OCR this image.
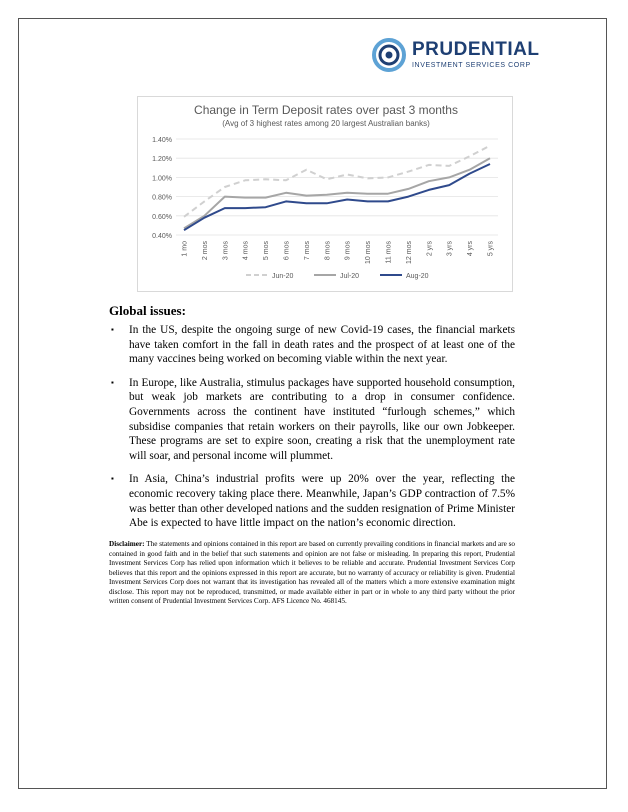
PRUDENTIAL
INVESTMENT SERVICES CORP
Change in Term Deposit rates over past 3 months
(Avg of 3 highest rates among 20 largest Australian banks)
0.40%
0.60%
0.80%
1.00%
1.20%
1.40%
1 mo 2 mos 3 mos 4 mos 5 mos 6 mos 7 mos 8 mos 9 mos 10 mos 11 mos 12 mos 2 yrs 3 yrs 4 yrs 5 yrs
Jun-20	Jul-20	Aug-20
Global issues:
▪ In the US, despite the ongoing surge of new Covid-19 cases, the financial markets have taken comfort in the fall in death rates and the prospect of at least one of the many vaccines being worked on becoming viable within the next year.
▪ In Europe, like Australia, stimulus packages have supported household consumption, but weak job markets are contributing to a drop in consumer confidence. Governments across the continent have instituted “furlough schemes,” which subsidise companies that retain workers on their payrolls, like our own Jobkeeper. These programs are set to expire soon, creating a risk that the unemployment rate will soar, and personal income will plummet.
▪ In Asia, China’s industrial profits were up 20% over the year, reflecting the economic recovery taking place there. Meanwhile, Japan’s GDP contraction of 7.5% was better than other developed nations and the sudden resignation of Prime Minister Abe is expected to have little impact on the nation’s economic direction.
Disclaimer: The statements and opinions contained in this report are based on currently prevailing conditions in financial markets and are so contained in good faith and in the belief that such statements and opinion are not false or misleading. In preparing this report, Prudential Investment Services Corp has relied upon information which it believes to be reliable and accurate. Prudential Investment Services Corp believes that this report and the opinions expressed in this report are accurate, but no warranty of accuracy or reliability is given. Prudential Investment Services Corp does not warrant that its investigation has revealed all of the matters which a more extensive examination might disclose. This report may not be reproduced, transmitted, or made available either in part or in whole to any third party without the prior written consent of Prudential Investment Services Corp. AFS Licence No. 468145.
